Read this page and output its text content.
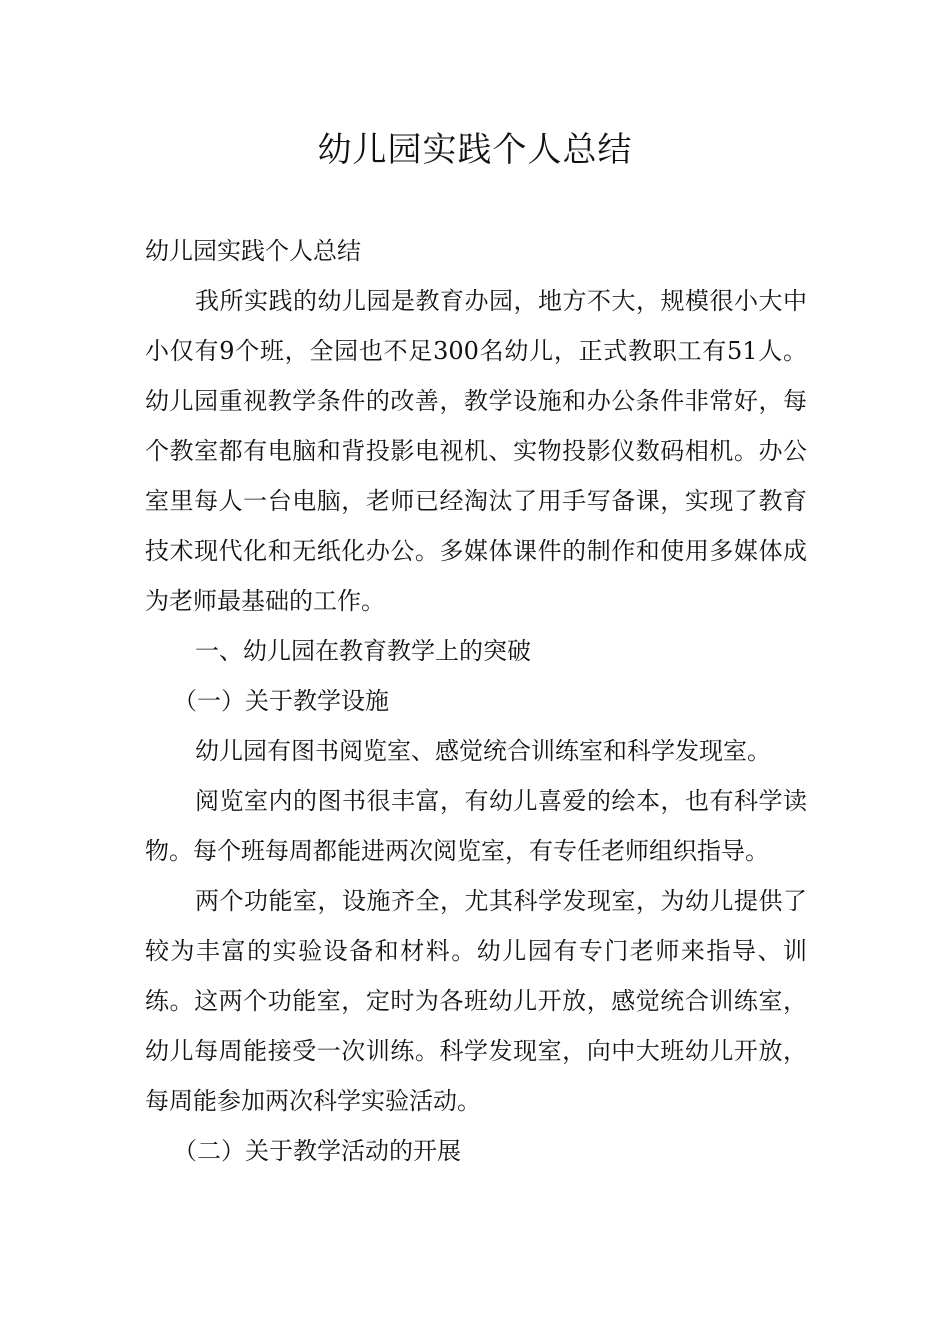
幼儿园实践个人总结

幼儿园实践个人总结

我所实践的幼儿园是教育办园，地方不大，规模很小大中小仅有9个班，全园也不足300名幼儿，正式教职工有51人。幼儿园重视教学条件的改善，教学设施和办公条件非常好，每个教室都有电脑和背投影电视机、实物投影仪数码相机。办公室里每人一台电脑，老师已经淘汰了用手写备课，实现了教育技术现代化和无纸化办公。多媒体课件的制作和使用多媒体成为老师最基础的工作。

一、幼儿园在教育教学上的突破

（一）关于教学设施

幼儿园有图书阅览室、感觉统合训练室和科学发现室。

阅览室内的图书很丰富，有幼儿喜爱的绘本，也有科学读物。每个班每周都能进两次阅览室，有专任老师组织指导。

两个功能室，设施齐全，尤其科学发现室，为幼儿提供了较为丰富的实验设备和材料。幼儿园有专门老师来指导、训练。这两个功能室，定时为各班幼儿开放，感觉统合训练室，幼儿每周能接受一次训练。科学发现室，向中大班幼儿开放，每周能参加两次科学实验活动。

（二）关于教学活动的开展
